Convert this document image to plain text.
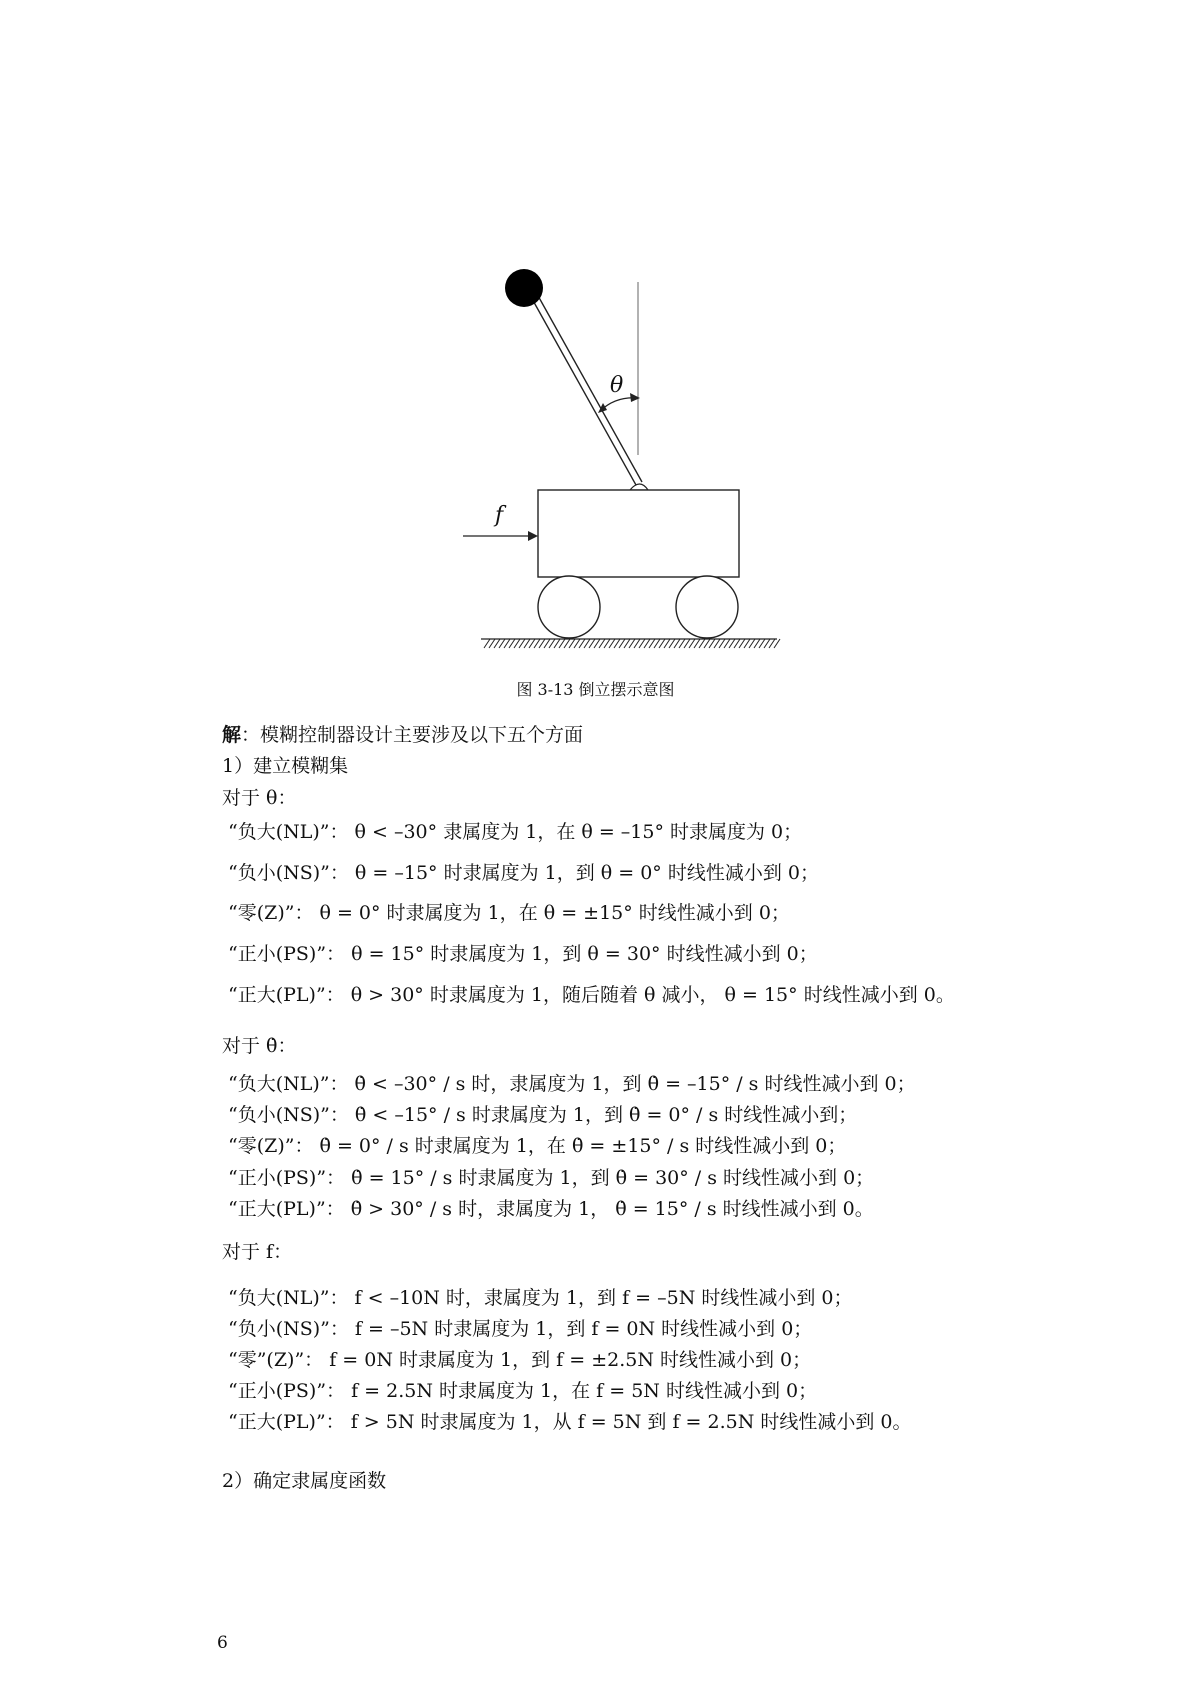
θ
f
图 3-13 倒立摆示意图
解：模糊控制器设计主要涉及以下五个方面
1）建立模糊集
对于 θ：
“负大(NL)”： θ < –30° 隶属度为 1，在 θ = –15° 时隶属度为 0；
“负小(NS)”： θ = –15° 时隶属度为 1，到 θ = 0° 时线性减小到 0；
“零(Z)”： θ = 0° 时隶属度为 1，在 θ = ±15° 时线性减小到 0；
“正小(PS)”： θ = 15° 时隶属度为 1，到 θ = 30° 时线性减小到 0；
“正大(PL)”： θ > 30° 时隶属度为 1，随后随着 θ 减小， θ = 15° 时线性减小到 0。
对于 θ̇：
“负大(NL)”： θ̇ < –30° / s 时，隶属度为 1，到 θ̇ = –15° / s 时线性减小到 0；
“负小(NS)”： θ̇ < –15° / s 时隶属度为 1，到 θ̇ = 0° / s 时线性减小到；
“零(Z)”： θ̇ = 0° / s 时隶属度为 1，在 θ̇ = ±15° / s 时线性减小到 0；
“正小(PS)”： θ̇ = 15° / s 时隶属度为 1，到 θ̇ = 30° / s 时线性减小到 0；
“正大(PL)”： θ̇ > 30° / s 时，隶属度为 1， θ̇ = 15° / s 时线性减小到 0。
对于 f：
“负大(NL)”： f < –10N 时，隶属度为 1，到 f = –5N 时线性减小到 0；
“负小(NS)”： f = –5N 时隶属度为 1，到 f = 0N 时线性减小到 0；
“零”(Z)”： f = 0N 时隶属度为 1，到 f = ±2.5N 时线性减小到 0；
“正小(PS)”： f = 2.5N 时隶属度为 1，在 f = 5N 时线性减小到 0；
“正大(PL)”： f > 5N 时隶属度为 1，从 f = 5N 到 f = 2.5N 时线性减小到 0。
2）确定隶属度函数
6
